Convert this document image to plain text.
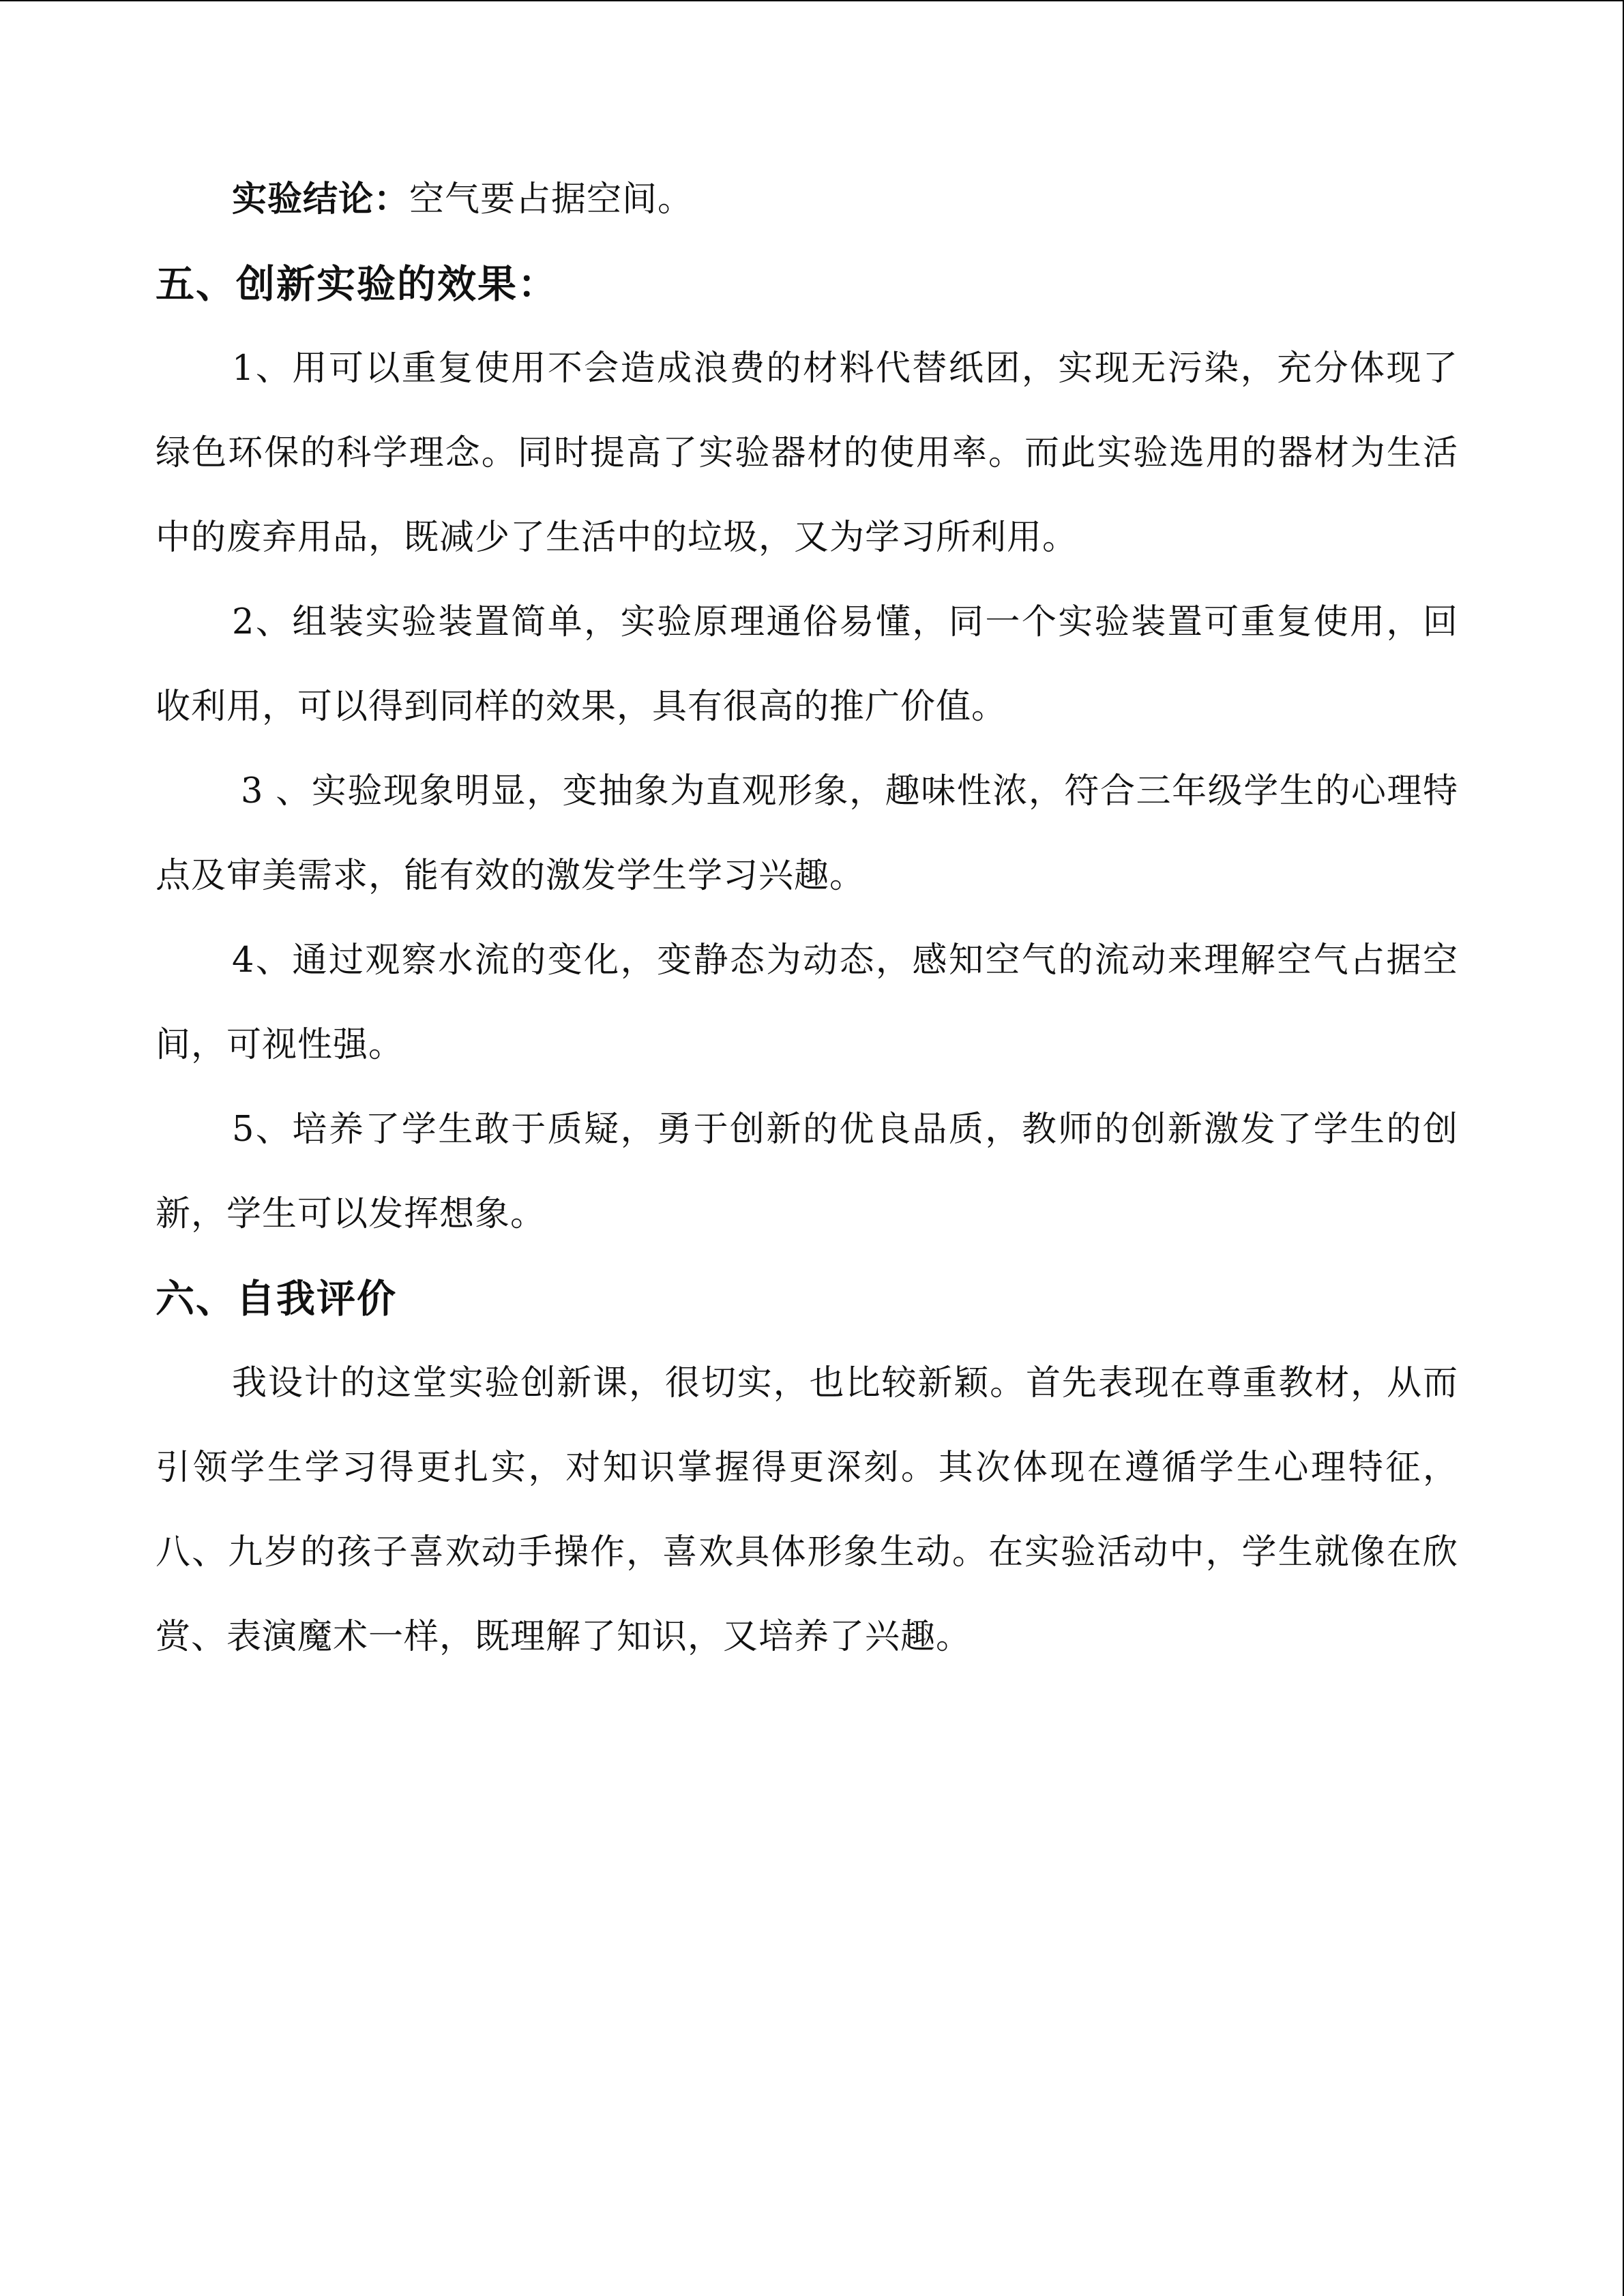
实验结论：空气要占据空间。

五、创新实验的效果：

1、用可以重复使用不会造成浪费的材料代替纸团，实现无污染，充分体现了绿色环保的科学理念。同时提高了实验器材的使用率。而此实验选用的器材为生活中的废弃用品，既减少了生活中的垃圾，又为学习所利用。

2、组装实验装置简单，实验原理通俗易懂，同一个实验装置可重复使用，回收利用，可以得到同样的效果，具有很高的推广价值。

3 、实验现象明显，变抽象为直观形象，趣味性浓，符合三年级学生的心理特点及审美需求，能有效的激发学生学习兴趣。

4、通过观察水流的变化，变静态为动态，感知空气的流动来理解空气占据空间，可视性强。

5、培养了学生敢于质疑，勇于创新的优良品质，教师的创新激发了学生的创新，学生可以发挥想象。

六、自我评价

我设计的这堂实验创新课，很切实，也比较新颖。首先表现在尊重教材，从而引领学生学习得更扎实，对知识掌握得更深刻。其次体现在遵循学生心理特征，八、九岁的孩子喜欢动手操作，喜欢具体形象生动。在实验活动中，学生就像在欣赏、表演魔术一样，既理解了知识，又培养了兴趣。
